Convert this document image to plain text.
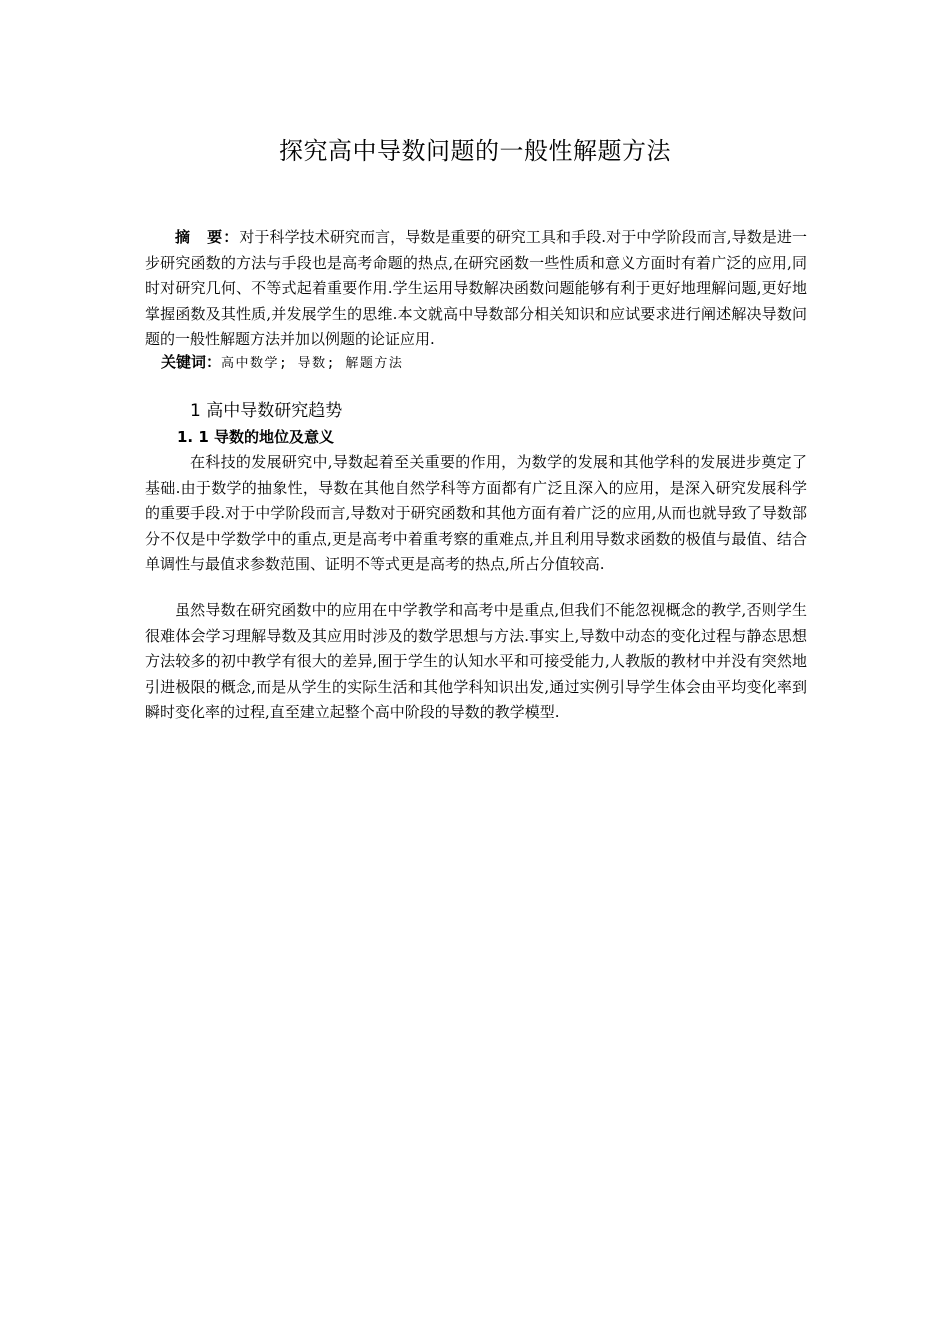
探究高中导数问题的一般性解题方法
摘　要：对于科学技术研究而言，导数是重要的研究工具和手段.对于中学阶段而言,导数是进一步研究函数的方法与手段也是高考命题的热点,在研究函数一些性质和意义方面时有着广泛的应用,同时对研究几何、不等式起着重要作用.学生运用导数解决函数问题能够有利于更好地理解问题,更好地掌握函数及其性质,并发展学生的思维.本文就高中导数部分相关知识和应试要求进行阐述解决导数问题的一般性解题方法并加以例题的论证应用.
关键词：高中数学; 导数; 解题方法
1 高中导数研究趋势
1. 1 导数的地位及意义
在科技的发展研究中,导数起着至关重要的作用，为数学的发展和其他学科的发展进步奠定了基础.由于数学的抽象性，导数在其他自然学科等方面都有广泛且深入的应用，是深入研究发展科学的重要手段.对于中学阶段而言,导数对于研究函数和其他方面有着广泛的应用,从而也就导致了导数部分不仅是中学数学中的重点,更是高考中着重考察的重难点,并且利用导数求函数的极值与最值、结合单调性与最值求参数范围、证明不等式更是高考的热点,所占分值较高.
虽然导数在研究函数中的应用在中学教学和高考中是重点,但我们不能忽视概念的教学,否则学生很难体会学习理解导数及其应用时涉及的数学思想与方法.事实上,导数中动态的变化过程与静态思想方法较多的初中教学有很大的差异,囿于学生的认知水平和可接受能力,人教版的教材中并没有突然地引进极限的概念,而是从学生的实际生活和其他学科知识出发,通过实例引导学生体会由平均变化率到瞬时变化率的过程,直至建立起整个高中阶段的导数的教学模型.
